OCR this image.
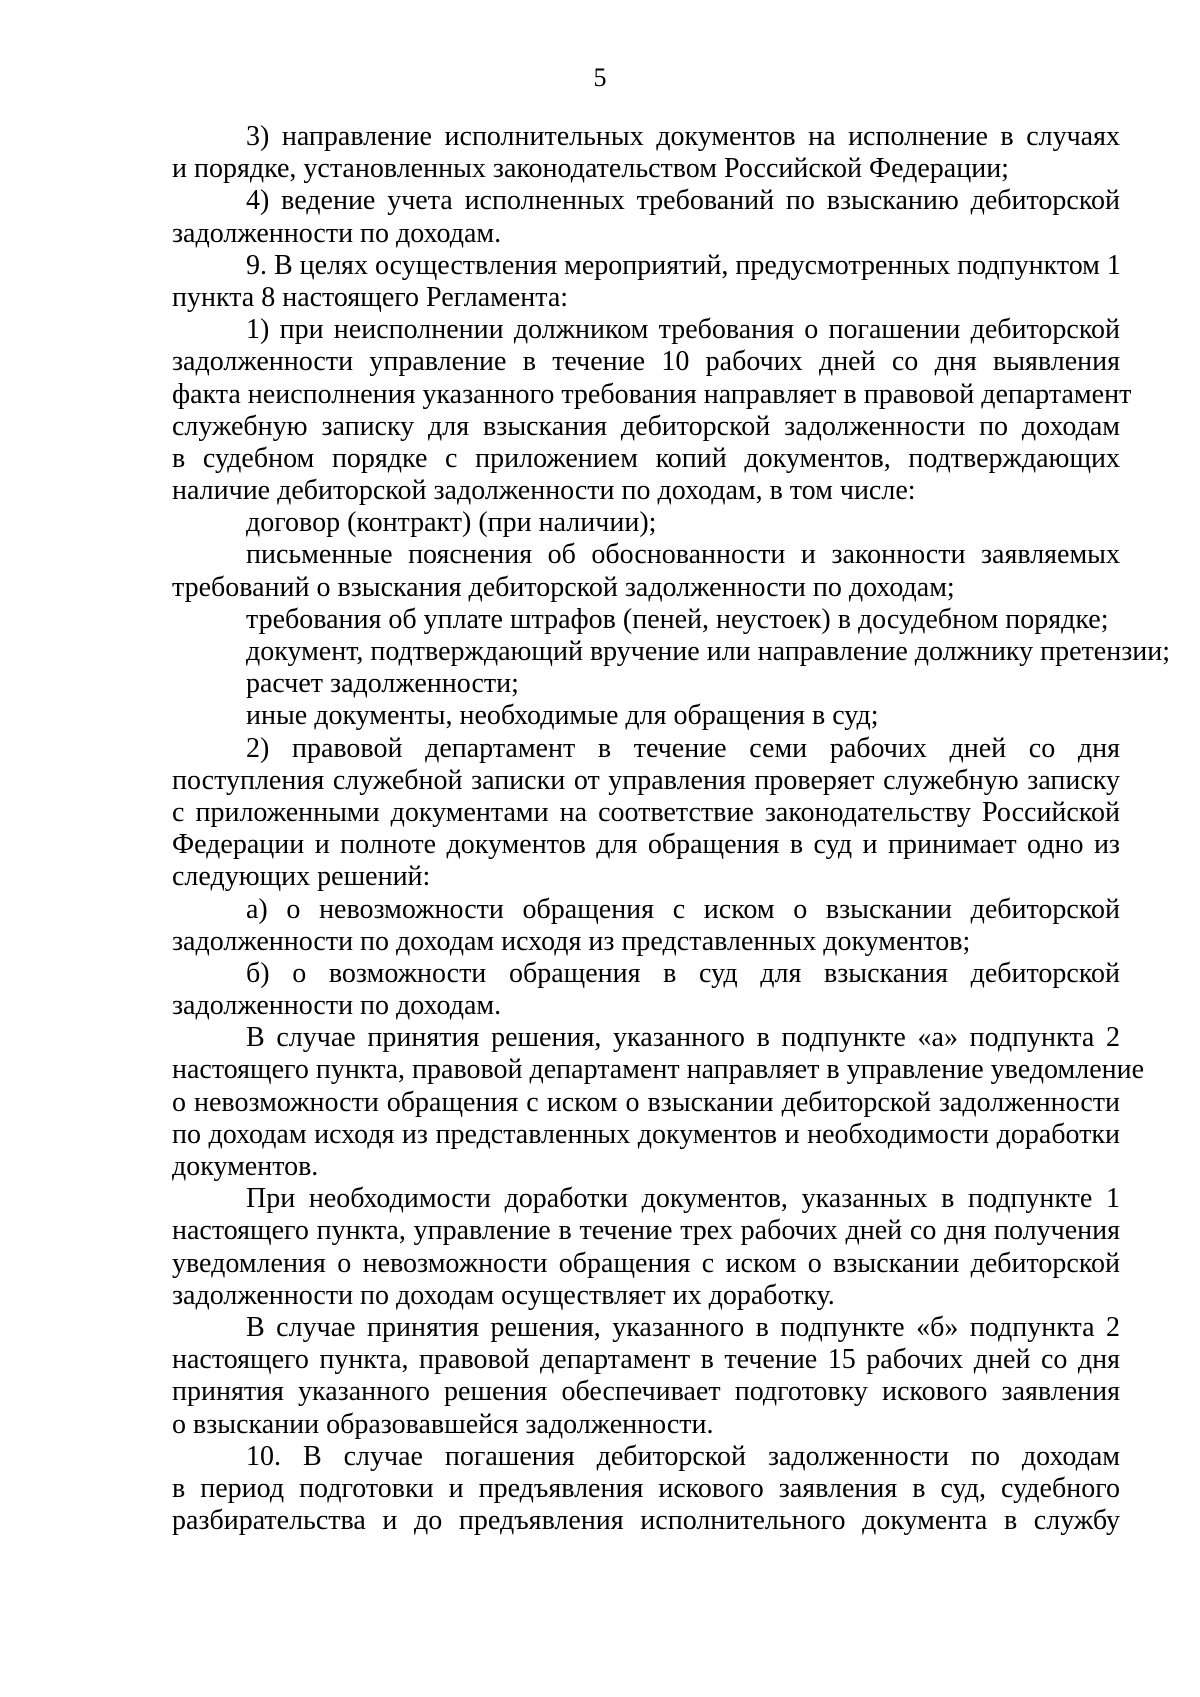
5
3) направление исполнительных документов на исполнение в случаях
и порядке, установленных законодательством Российской Федерации;
4) ведение учета исполненных требований по взысканию дебиторской
задолженности по доходам.
9. В целях осуществления мероприятий, предусмотренных подпунктом 1
пункта 8 настоящего Регламента:
1) при неисполнении должником требования о погашении дебиторской
задолженности управление в течение 10 рабочих дней со дня выявления
факта неисполнения указанного требования направляет в правовой департамент
служебную записку для взыскания дебиторской задолженности по доходам
в судебном порядке с приложением копий документов, подтверждающих
наличие дебиторской задолженности по доходам, в том числе:
договор (контракт) (при наличии);
письменные пояснения об обоснованности и законности заявляемых
требований о взыскания дебиторской задолженности по доходам;
требования об уплате штрафов (пеней, неустоек) в досудебном порядке;
документ, подтверждающий вручение или направление должнику претензии;
расчет задолженности;
иные документы, необходимые для обращения в суд;
2) правовой департамент в течение семи рабочих дней со дня
поступления служебной записки от управления проверяет служебную записку
с приложенными документами на соответствие законодательству Российской
Федерации и полноте документов для обращения в суд и принимает одно из
следующих решений:
а) о невозможности обращения с иском о взыскании дебиторской
задолженности по доходам исходя из представленных документов;
б) о возможности обращения в суд для взыскания дебиторской
задолженности по доходам.
В случае принятия решения, указанного в подпункте «а» подпункта 2
настоящего пункта, правовой департамент направляет в управление уведомление
о невозможности обращения с иском о взыскании дебиторской задолженности
по доходам исходя из представленных документов и необходимости доработки
документов.
При необходимости доработки документов, указанных в подпункте 1
настоящего пункта, управление в течение трех рабочих дней со дня получения
уведомления о невозможности обращения с иском о взыскании дебиторской
задолженности по доходам осуществляет их доработку.
В случае принятия решения, указанного в подпункте «б» подпункта 2
настоящего пункта, правовой департамент в течение 15 рабочих дней со дня
принятия указанного решения обеспечивает подготовку искового заявления
о взыскании образовавшейся задолженности.
10. В случае погашения дебиторской задолженности по доходам
в период подготовки и предъявления искового заявления в суд, судебного
разбирательства и до предъявления исполнительного документа в службу
